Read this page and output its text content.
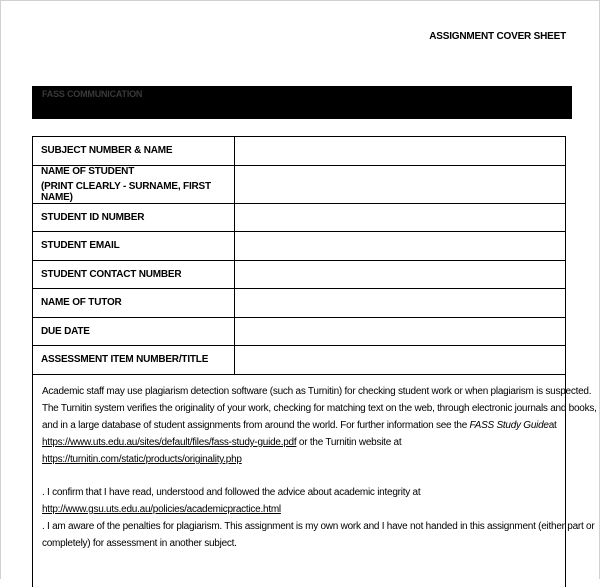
ASSIGNMENT COVER SHEET
FASS COMMUNICATION
SUBJECT NUMBER & NAME	
NAME OF STUDENT
(PRINT CLEARLY - SURNAME, FIRST NAME)	

STUDENT ID NUMBER	
STUDENT EMAIL	
STUDENT CONTACT NUMBER	
NAME OF TUTOR	
DUE DATE	
ASSESSMENT ITEM NUMBER/TITLE	

Academic staff may use plagiarism detection software (such as Turnitin) for checking student work or when plagiarism is suspected.

The Turnitin system verifies the originality of your work, checking for matching text on the web, through electronic journals and books,

and in a large database of student assignments from around the world. For further information see the FASS Study Guideat

https://www.uts.edu.au/sites/default/files/fass-study-guide.pdf or the Turnitin website at

https://turnitin.com/static/products/originality.php

. I confirm that I have read, understood and followed the advice about academic integrity at

http://www.gsu.uts.edu.au/policies/academicpractice.html

. I am aware of the penalties for plagiarism. This assignment is my own work and I have not handed in this assignment (either part or

completely) for assessment in another subject.
